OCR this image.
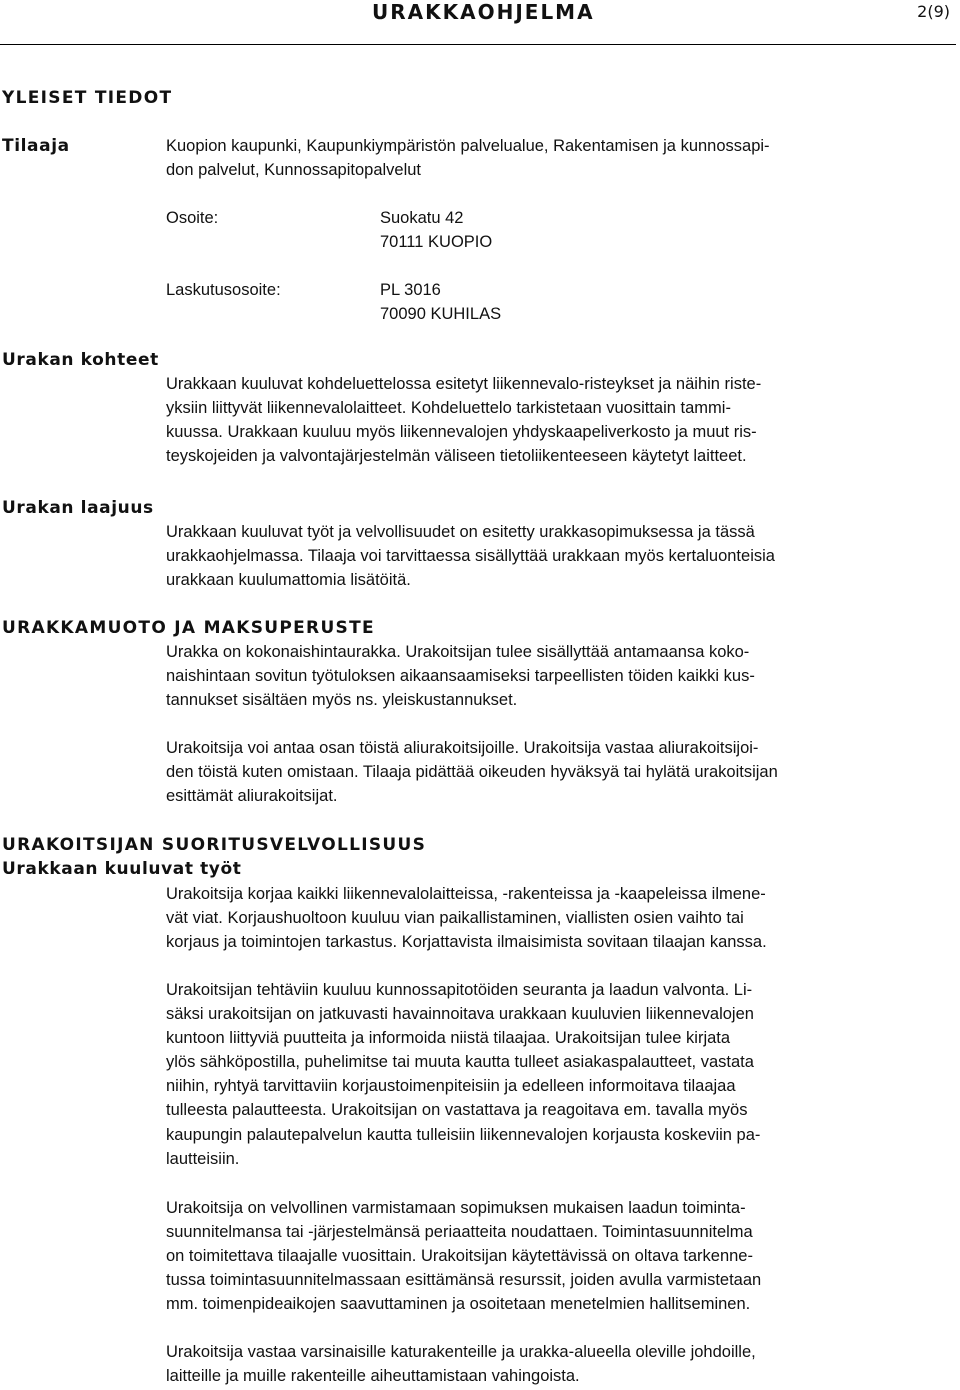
URAKKAOHJELMA	2(9)
YLEISET TIEDOT
Tilaaja	Kuopion kaupunki, Kaupunkiympäristön palvelualue, Rakentamisen ja kunnossapi-
don palvelut, Kunnossapitopalvelut
Osoite:	Suokatu 42
70111 KUOPIO
Laskutusosoite:	PL 3016
70090 KUHILAS
Urakan kohteet
Urakkaan kuuluvat kohdeluettelossa esitetyt liikennevalo-risteykset ja näihin riste-
yksiin liittyvät liikennevalolaitteet. Kohdeluettelo tarkistetaan vuosittain tammi-
kuussa. Urakkaan kuuluu myös liikennevalojen yhdyskaapeliverkosto ja muut ris-
teyskojeiden ja valvontajärjestelmän väliseen tietoliikenteeseen käytetyt laitteet.
Urakan laajuus
Urakkaan kuuluvat työt ja velvollisuudet on esitetty urakkasopimuksessa ja tässä
urakkaohjelmassa. Tilaaja voi tarvittaessa sisällyttää urakkaan myös kertaluonteisia
urakkaan kuulumattomia lisätöitä.
URAKKAMUOTO JA MAKSUPERUSTE
Urakka on kokonaishintaurakka. Urakoitsijan tulee sisällyttää antamaansa koko-
naishintaan sovitun työtuloksen aikaansaamiseksi tarpeellisten töiden kaikki kus-
tannukset sisältäen myös ns. yleiskustannukset.
Urakoitsija voi antaa osan töistä aliurakoitsijoille. Urakoitsija vastaa aliurakoitsijoi-
den töistä kuten omistaan. Tilaaja pidättää oikeuden hyväksyä tai hylätä urakoitsijan
esittämät aliurakoitsijat.
URAKOITSIJAN SUORITUSVELVOLLISUUS
Urakkaan kuuluvat työt
Urakoitsija korjaa kaikki liikennevalolaitteissa, -rakenteissa ja -kaapeleissa ilmene-
vät viat. Korjaushuoltoon kuuluu vian paikallistaminen, viallisten osien vaihto tai
korjaus ja toimintojen tarkastus. Korjattavista ilmaisimista sovitaan tilaajan kanssa.
Urakoitsijan tehtäviin kuuluu kunnossapitotöiden seuranta ja laadun valvonta. Li-
säksi urakoitsijan on jatkuvasti havainnoitava urakkaan kuuluvien liikennevalojen
kuntoon liittyviä puutteita ja informoida niistä tilaajaa. Urakoitsijan tulee kirjata
ylös sähköpostilla, puhelimitse tai muuta kautta tulleet asiakaspalautteet, vastata
niihin, ryhtyä tarvittaviin korjaustoimenpiteisiin ja edelleen informoitava tilaajaa
tulleesta palautteesta. Urakoitsijan on vastattava ja reagoitava em. tavalla myös
kaupungin palautepalvelun kautta tulleisiin liikennevalojen korjausta koskeviin pa-
lautteisiin.
Urakoitsija on velvollinen varmistamaan sopimuksen mukaisen laadun toiminta-
suunnitelmansa tai -järjestelmänsä periaatteita noudattaen. Toimintasuunnitelma
on toimitettava tilaajalle vuosittain. Urakoitsijan käytettävissä on oltava tarkenne-
tussa toimintasuunnitelmassaan esittämänsä resurssit, joiden avulla varmistetaan
mm. toimenpideaikojen saavuttaminen ja osoitetaan menetelmien hallitseminen.
Urakoitsija vastaa varsinaisille katurakenteille ja urakka-alueella oleville johdoille,
laitteille ja muille rakenteille aiheuttamistaan vahingoista.
